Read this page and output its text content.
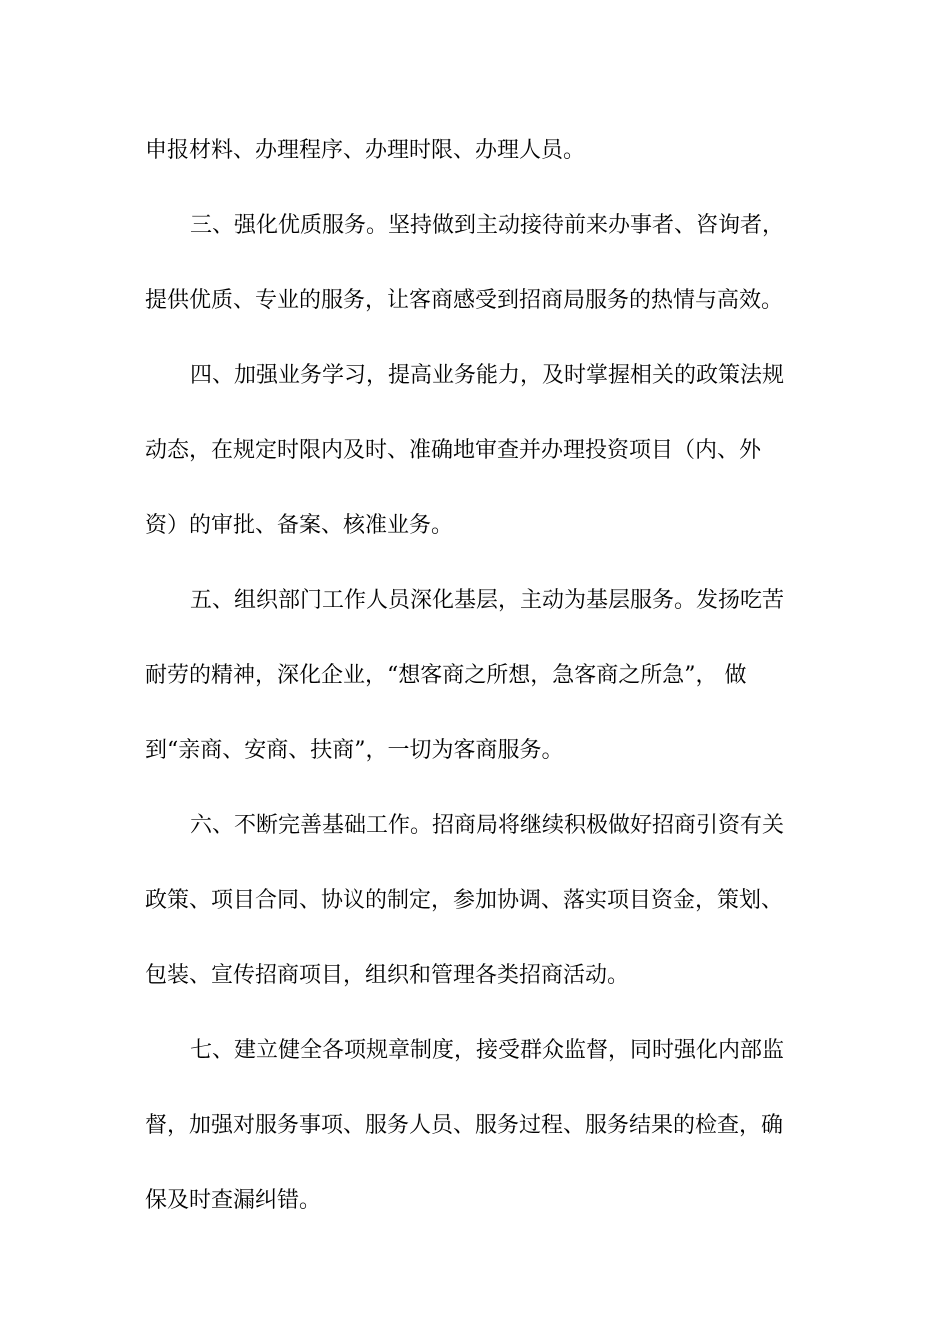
申报材料、办理程序、办理时限、办理人员。
三、强化优质服务。坚持做到主动接待前来办事者、咨询者，
提供优质、专业的服务，让客商感受到招商局服务的热情与高效。
四、加强业务学习，提高业务能力，及时掌握相关的政策法规
动态，在规定时限内及时、准确地审查并办理投资项目（内、外
资）的审批、备案、核准业务。
五、组织部门工作人员深化基层，主动为基层服务。发扬吃苦
耐劳的精神，深化企业，“想客商之所想，急客商之所急”， 做
到“亲商、安商、扶商”，一切为客商服务。
六、不断完善基础工作。招商局将继续积极做好招商引资有关
政策、项目合同、协议的制定，参加协调、落实项目资金，策划、
包装、宣传招商项目，组织和管理各类招商活动。
七、建立健全各项规章制度，接受群众监督，同时强化内部监
督，加强对服务事项、服务人员、服务过程、服务结果的检查，确
保及时查漏纠错。
